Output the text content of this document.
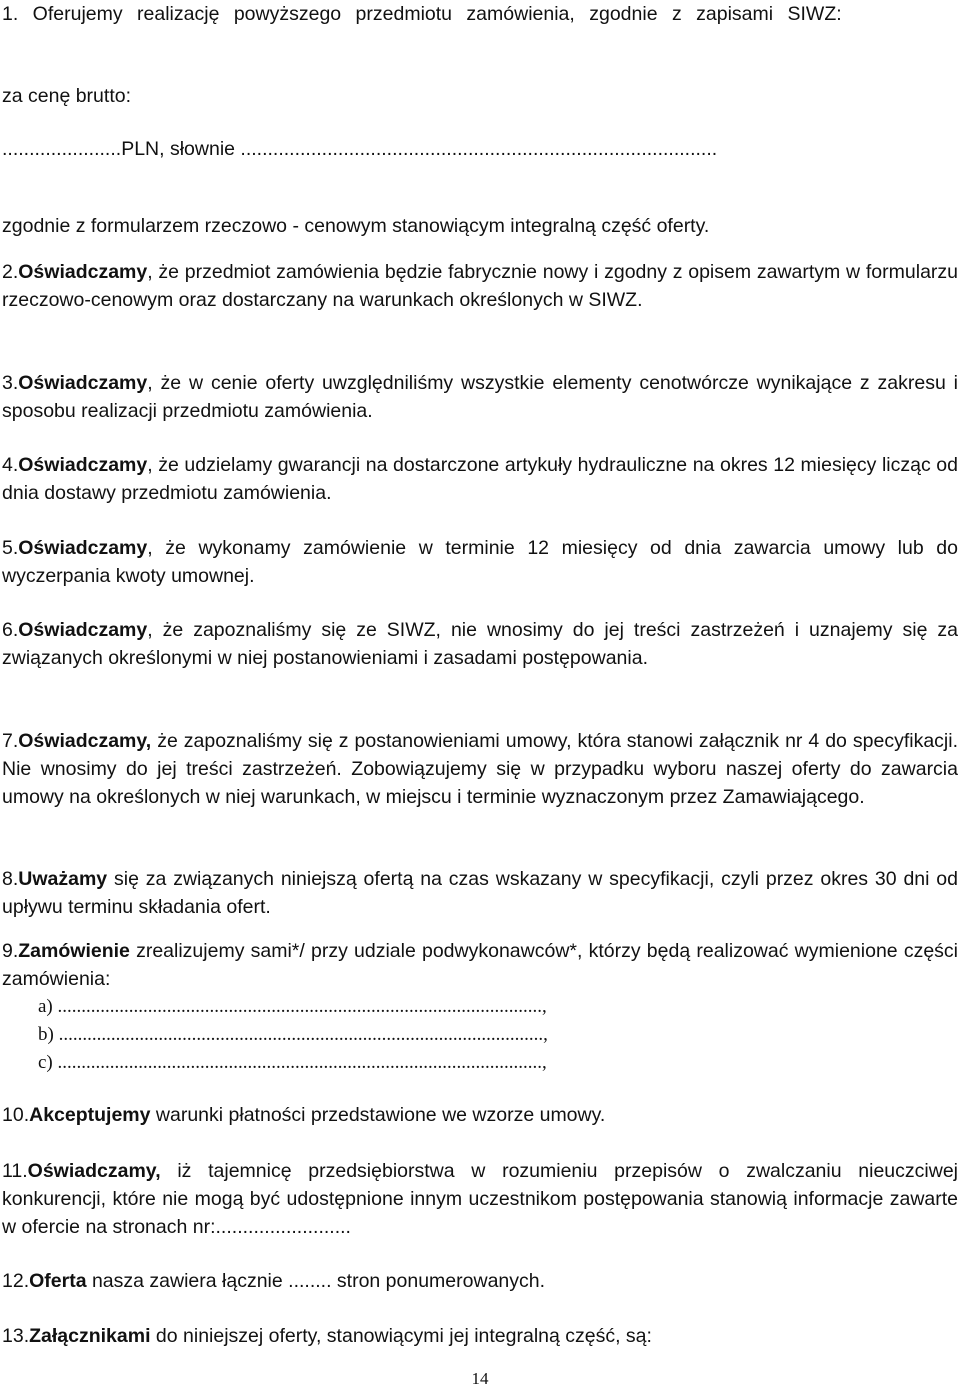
1. Oferujemy realizację powyższego przedmiotu zamówienia, zgodnie z zapisami SIWZ:

za cenę brutto:

......................PLN, słownie ........................................................................................

zgodnie z formularzem rzeczowo - cenowym stanowiącym integralną część oferty.

2.Oświadczamy, że przedmiot zamówienia będzie fabrycznie nowy i zgodny z opisem zawartym w formularzu rzeczowo-cenowym oraz dostarczany na warunkach określonych w SIWZ.

3.Oświadczamy, że w cenie oferty uwzględniliśmy wszystkie elementy cenotwórcze wynikające z zakresu i sposobu realizacji przedmiotu zamówienia.

4.Oświadczamy, że udzielamy gwarancji na dostarczone artykuły hydrauliczne na okres 12 miesięcy licząc od dnia dostawy przedmiotu zamówienia.

5.Oświadczamy, że wykonamy zamówienie w terminie 12 miesięcy od dnia zawarcia umowy lub do wyczerpania kwoty umownej.

6.Oświadczamy, że zapoznaliśmy się ze SIWZ, nie wnosimy do jej treści zastrzeżeń i uznajemy się za związanych określonymi w niej postanowieniami i zasadami postępowania.

7.Oświadczamy, że zapoznaliśmy się z postanowieniami umowy, która stanowi załącznik nr 4 do specyfikacji. Nie wnosimy do jej treści zastrzeżeń. Zobowiązujemy się w przypadku wyboru naszej oferty do zawarcia umowy na określonych w niej warunkach, w miejscu i terminie wyznaczonym przez Zamawiającego.

8.Uważamy się za związanych niniejszą ofertą na czas wskazany w specyfikacji, czyli przez okres 30 dni od upływu terminu składania ofert.

9.Zamówienie zrealizujemy sami*/ przy udziale podwykonawców*, którzy będą realizować wymienione części zamówienia:

a) ......................................................................................................,
b) ......................................................................................................,
c) ......................................................................................................,

10.Akceptujemy warunki płatności przedstawione we wzorze umowy.

11.Oświadczamy, iż tajemnicę przedsiębiorstwa w rozumieniu przepisów o zwalczaniu nieuczciwej konkurencji, które nie mogą być udostępnione innym uczestnikom postępowania stanowią informacje zawarte w ofercie na stronach nr:.........................

12.Oferta nasza zawiera łącznie ........ stron ponumerowanych.

13.Załącznikami do niniejszej oferty, stanowiącymi jej integralną część, są:

14
